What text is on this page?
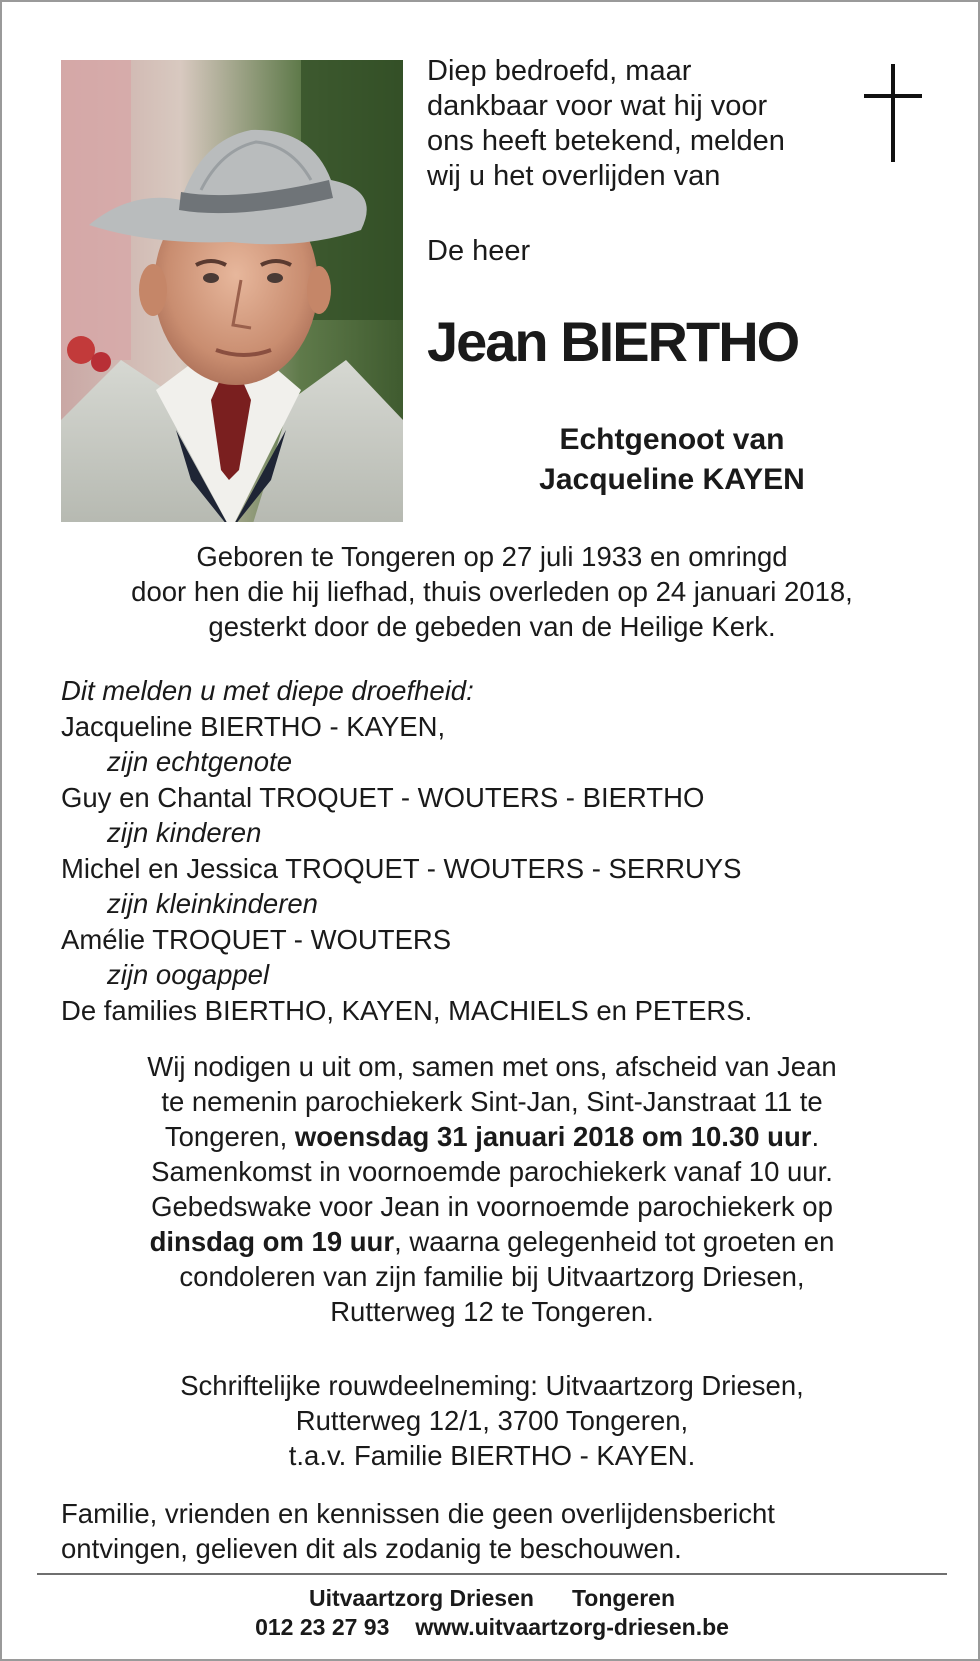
Diep bedroefd, maar
dankbaar voor wat hij voor
ons heeft betekend, melden
wij u het overlijden van
De heer
Jean BIERTHO
Echtgenoot van
Jacqueline KAYEN
Geboren te Tongeren op 27 juli 1933 en omringd
door hen die hij liefhad, thuis overleden op 24 januari 2018,
gesterkt door de gebeden van de Heilige Kerk.
Dit melden u met diepe droefheid:
Jacqueline BIERTHO - KAYEN,
zijn echtgenote
Guy en Chantal TROQUET - WOUTERS - BIERTHO
zijn kinderen
Michel en Jessica TROQUET - WOUTERS - SERRUYS
zijn kleinkinderen
Amélie TROQUET - WOUTERS
zijn oogappel
De families BIERTHO, KAYEN, MACHIELS en PETERS.
Wij nodigen u uit om, samen met ons, afscheid van Jean
te nemenin parochiekerk Sint-Jan, Sint-Janstraat 11 te
Tongeren, woensdag 31 januari 2018 om 10.30 uur.
Samenkomst in voornoemde parochiekerk vanaf 10 uur.
Gebedswake voor Jean in voornoemde parochiekerk op
dinsdag om 19 uur, waarna gelegenheid tot groeten en
condoleren van zijn familie bij Uitvaartzorg Driesen,
Rutterweg 12 te Tongeren.
Schriftelijke rouwdeelneming: Uitvaartzorg Driesen,
Rutterweg 12/1, 3700 Tongeren,
t.a.v. Familie BIERTHO - KAYEN.
Familie, vrienden en kennissen die geen overlijdensbericht
ontvingen, gelieven dit als zodanig te beschouwen.
Uitvaartzorg Driesen Tongeren
012 23 27 93 www.uitvaartzorg-driesen.be
